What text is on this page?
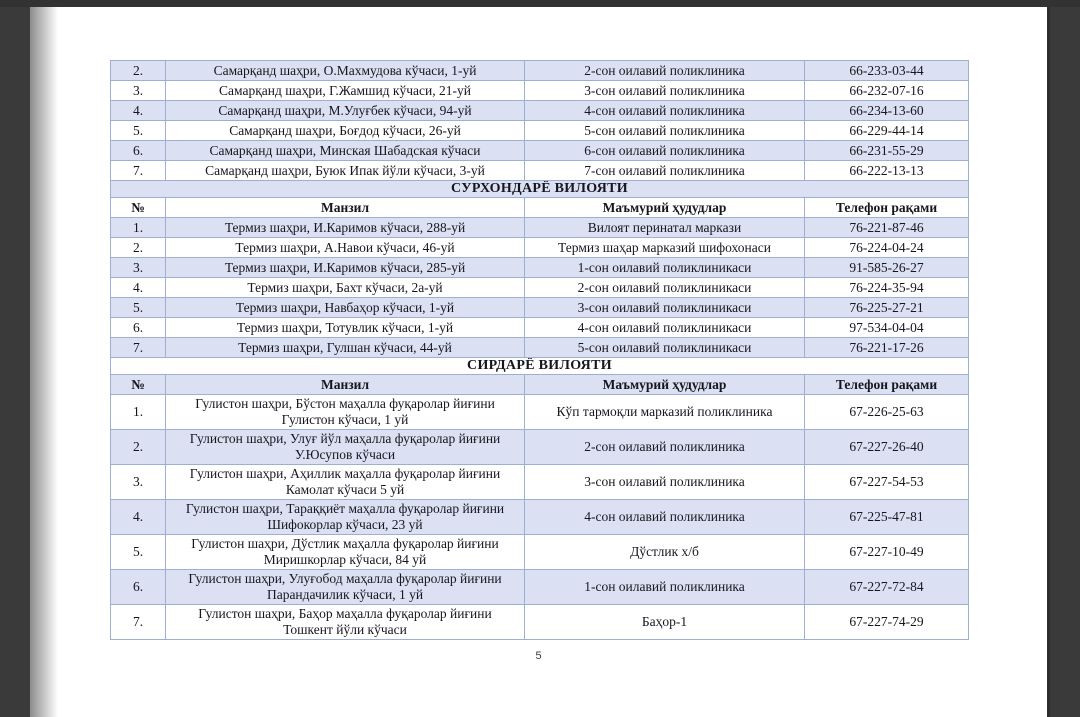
2.	Самарқанд шаҳри, О.Махмудова кўчаси, 1-уй	2-сон оилавий поликлиника	66-233-03-44
3.	Самарқанд шаҳри, Г.Жамшид кўчаси, 21-уй	3-сон оилавий поликлиника	66-232-07-16
4.	Самарқанд шаҳри, М.Улуғбек кўчаси, 94-уй	4-сон оилавий поликлиника	66-234-13-60
5.	Самарқанд шаҳри, Боғдод кўчаси, 26-уй	5-сон оилавий поликлиника	66-229-44-14
6.	Самарқанд шаҳри, Минская Шабадская кўчаси	6-сон оилавий поликлиника	66-231-55-29
7.	Самарқанд шаҳри, Буюк Ипак йўли кўчаси, 3-уй	7-сон оилавий поликлиника	66-222-13-13
СУРХОНДАРЁ ВИЛОЯТИ			
№	Манзил	Маъмурий ҳудудлар	Телефон рақами
1.	Термиз шаҳри, И.Каримов кўчаси, 288-уй	Вилоят перинатал маркази	76-221-87-46
2.	Термиз шаҳри, А.Навои кўчаси, 46-уй	Термиз шаҳар марказий шифохонаси	76-224-04-24
3.	Термиз шаҳри, И.Каримов кўчаси, 285-уй	1-сон оилавий поликлиникаси	91-585-26-27
4.	Термиз шаҳри, Бахт кўчаси, 2а-уй	2-сон оилавий поликлиникаси	76-224-35-94
5.	Термиз шаҳри, Навбаҳор кўчаси, 1-уй	3-сон оилавий поликлиникаси	76-225-27-21
6.	Термиз шаҳри, Тотувлик кўчаси, 1-уй	4-сон оилавий поликлиникаси	97-534-04-04
7.	Термиз шаҳри, Гулшан кўчаси, 44-уй	5-сон оилавий поликлиникаси	76-221-17-26
СИРДАРЁ ВИЛОЯТИ			
№	Манзил	Маъмурий ҳудудлар	Телефон рақами
1.	Гулистон шаҳри, Бўстон маҳалла фуқаролар йиғини
Гулистон кўчаси, 1 уй	Кўп тармоқли марказий поликлиника	67-226-25-63
2.	Гулистон шаҳри, Улуғ йўл маҳалла фуқаролар йиғини
У.Юсупов кўчаси	2-сон оилавий поликлиника	67-227-26-40
3.	Гулистон шаҳри, Аҳиллик маҳалла фуқаролар йиғини
Камолат кўчаси 5 уй	3-сон оилавий поликлиника	67-227-54-53
4.	Гулистон шаҳри, Тараққиёт маҳалла фуқаролар йиғини
Шифокорлар кўчаси, 23 уй	4-сон оилавий поликлиника	67-225-47-81
5.	Гулистон шаҳри, Дўстлик маҳалла фуқаролар йиғини
Миришкорлар кўчаси, 84 уй	Дўстлик х/б	67-227-10-49
6.	Гулистон шаҳри, Улуғобод маҳалла фуқаролар йиғини
Парандачилик кўчаси, 1 уй	1-сон оилавий поликлиника	67-227-72-84
7.	Гулистон шаҳри, Баҳор маҳалла фуқаролар йиғини
Тошкент йўли кўчаси	Баҳор-1	67-227-74-29
5
